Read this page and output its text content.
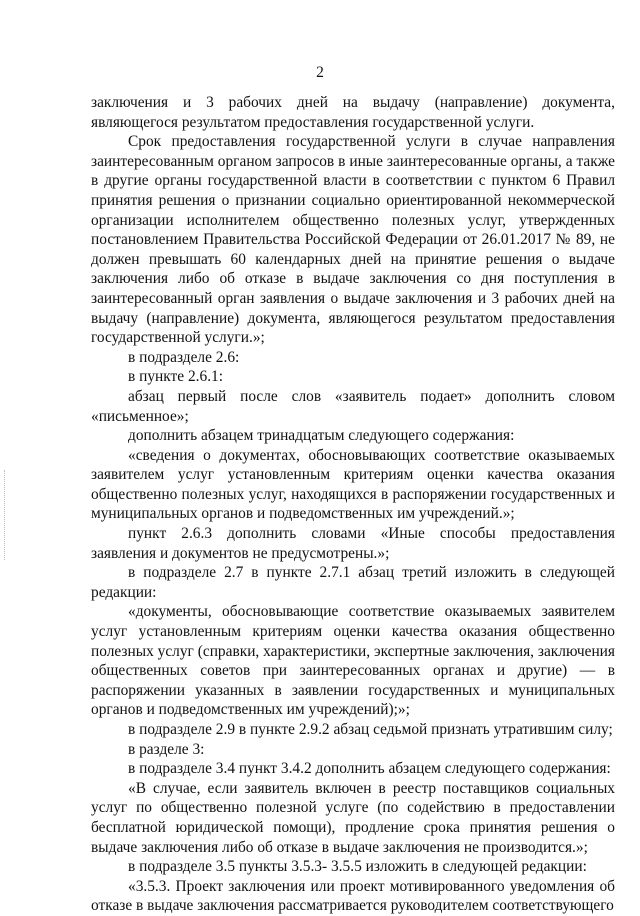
2

заключения и 3 рабочих дней на выдачу (направление) документа, являющегося результатом предоставления государственной услуги.

Срок предоставления государственной услуги в случае направления заинтересованным органом запросов в иные заинтересованные органы, а также в другие органы государственной власти в соответствии с пунктом 6 Правил принятия решения о признании социально ориентированной некоммерческой организации исполнителем общественно полезных услуг, утвержденных постановлением Правительства Российской Федерации от 26.01.2017 № 89, не должен превышать 60 календарных дней на принятие решения о выдаче заключения либо об отказе в выдаче заключения со дня поступления в заинтересованный орган заявления о выдаче заключения и 3 рабочих дней на выдачу (направление) документа, являющегося результатом предоставления государственной услуги.»;

в подразделе 2.6:

в пункте 2.6.1:

абзац первый после слов «заявитель подает» дополнить словом «письменное»;

дополнить абзацем тринадцатым следующего содержания:

«сведения о документах, обосновывающих соответствие оказываемых заявителем услуг установленным критериям оценки качества оказания общественно полезных услуг, находящихся в распоряжении государственных и муниципальных органов и подведомственных им учреждений.»;

пункт 2.6.3 дополнить словами «Иные способы предоставления заявления и документов не предусмотрены.»;

в подразделе 2.7 в пункте 2.7.1 абзац третий изложить в следующей редакции:

«документы, обосновывающие соответствие оказываемых заявителем услуг установленным критериям оценки качества оказания общественно полезных услуг (справки, характеристики, экспертные заключения, заключения общественных советов при заинтересованных органах и другие) — в распоряжении указанных в заявлении государственных и муниципальных органов и подведомственных им учреждений);»;

в подразделе 2.9 в пункте 2.9.2 абзац седьмой признать утратившим силу;

в разделе 3:

в подразделе 3.4 пункт 3.4.2 дополнить абзацем следующего содержания:

«В случае, если заявитель включен в реестр поставщиков социальных услуг по общественно полезной услуге (по содействию в предоставлении бесплатной юридической помощи), продление срока принятия решения о выдаче заключения либо об отказе в выдаче заключения не производится.»;

в подразделе 3.5 пункты 3.5.3- 3.5.5 изложить в следующей редакции:

«3.5.3. Проект заключения или проект мотивированного уведомления об отказе в выдаче заключения рассматривается руководителем соответствующего
